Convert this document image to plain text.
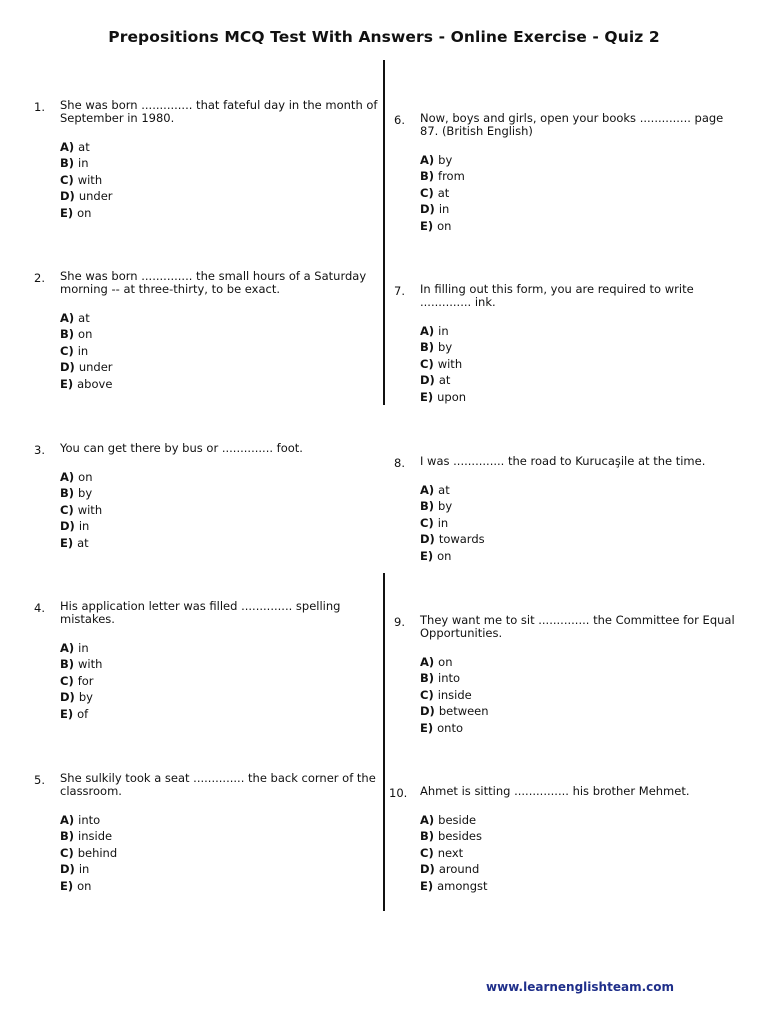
Prepositions MCQ Test With Answers - Online Exercise - Quiz 2
1. She was born .............. that fateful day in the month of September in 1980.
A) at
B) in
C) with
D) under
E) on
2. She was born .............. the small hours of a Saturday morning -- at three-thirty, to be exact.
A) at
B) on
C) in
D) under
E) above
3. You can get there by bus or .............. foot.
A) on
B) by
C) with
D) in
E) at
4. His application letter was filled .............. spelling mistakes.
A) in
B) with
C) for
D) by
E) of
5. She sulkily took a seat .............. the back corner of the classroom.
A) into
B) inside
C) behind
D) in
E) on
6. Now, boys and girls, open your books .............. page 87. (British English)
A) by
B) from
C) at
D) in
E) on
7. In filling out this form, you are required to write .............. ink.
A) in
B) by
C) with
D) at
E) upon
8. I was .............. the road to Kurucaşile at the time.
A) at
B) by
C) in
D) towards
E) on
9. They want me to sit .............. the Committee for Equal Opportunities.
A) on
B) into
C) inside
D) between
E) onto
10. Ahmet is sitting ............... his brother Mehmet.
A) beside
B) besides
C) next
D) around
E) amongst
www.learnenglishteam.com
